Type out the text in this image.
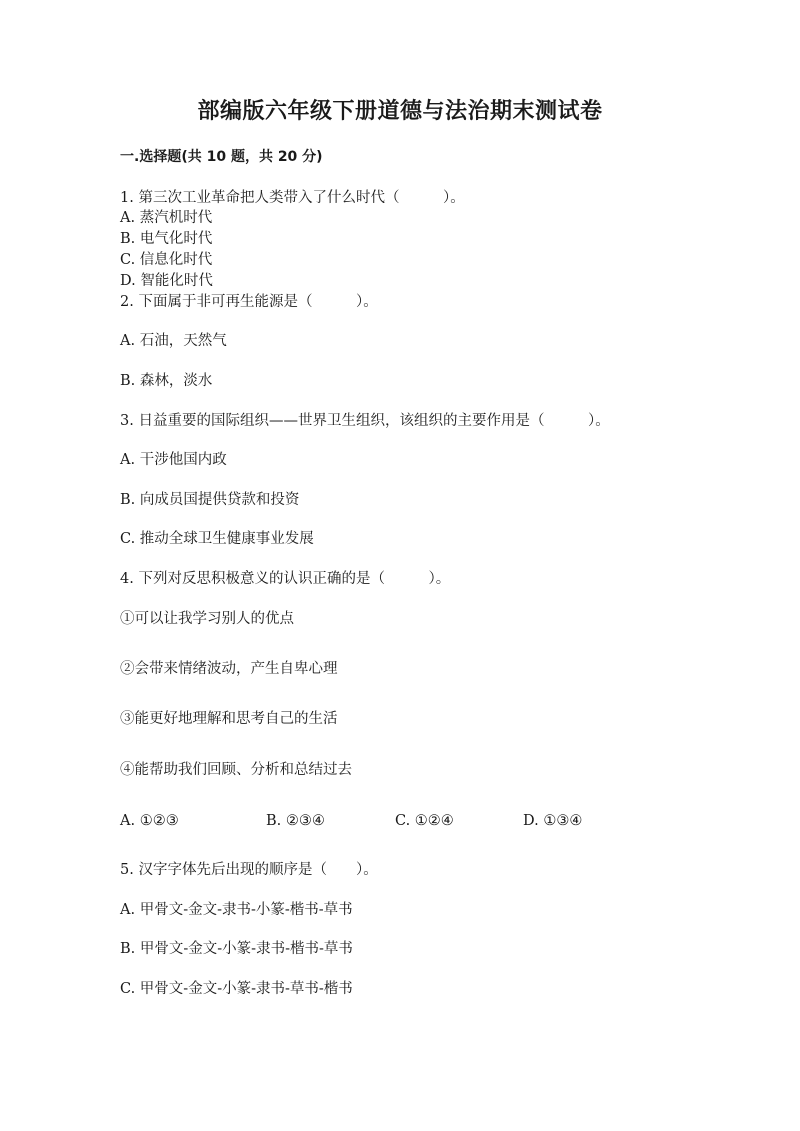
部编版六年级下册道德与法治期末测试卷
一.选择题(共 10 题，共 20 分)
1. 第三次工业革命把人类带入了什么时代（　　　）。
A. 蒸汽机时代
B. 电气化时代
C. 信息化时代
D. 智能化时代
2. 下面属于非可再生能源是（　　　）。
A. 石油，天然气
B. 森林，淡水
3. 日益重要的国际组织——世界卫生组织，该组织的主要作用是（　　　）。
A. 干涉他国内政
B. 向成员国提供贷款和投资
C. 推动全球卫生健康事业发展
4. 下列对反思积极意义的认识正确的是（　　　）。
①可以让我学习别人的优点
②会带来情绪波动，产生自卑心理
③能更好地理解和思考自己的生活
④能帮助我们回顾、分析和总结过去
A. ①②③	B. ②③④	C. ①②④	D. ①③④
5. 汉字字体先后出现的顺序是（　　）。
A. 甲骨文-金文-隶书-小篆-楷书-草书
B. 甲骨文-金文-小篆-隶书-楷书-草书
C. 甲骨文-金文-小篆-隶书-草书-楷书
